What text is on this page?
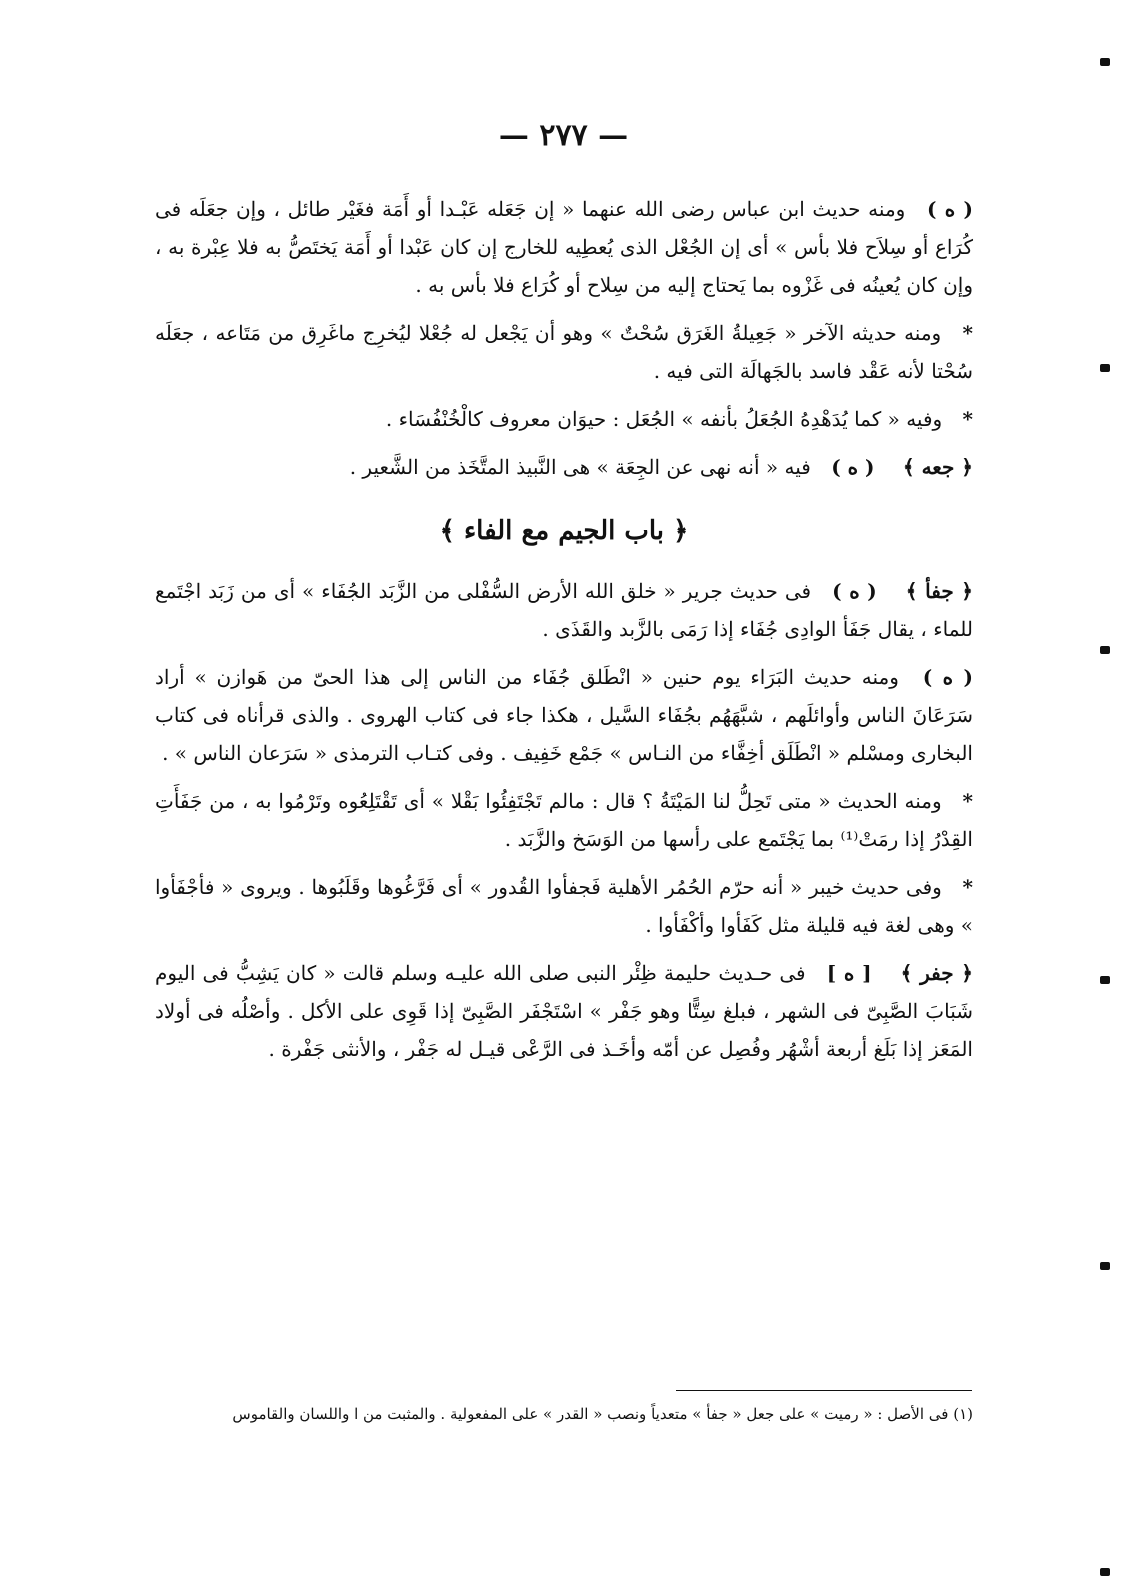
— ٢٧٧ —

( ه ) ومنه حديث ابن عباس رضى الله عنهما « إن جَعَله عَبْـدا أو أَمَة فغَيْر طائل ، وإن جعَلَه فى كُرَاع أو سِلاَح فلا بأس » أى إن الجُعْل الذى يُعطِيه للخارج إن كان عَبْدا أو أَمَة يَختَصُّ به فلا عِبْرة به ، وإن كان يُعينُه فى غَزْوه بما يَحتاج إليه من سِلاح أو كُرَاع فلا بأس به .

* ومنه حديثه الآخر « جَعِيلةُ الغَرَق سُحْتٌ » وهو أن يَجْعل له جُعْلا ليُخرِج ماغَرِق من مَتَاعه ، جعَلَه سُحْتا لأنه عَقْد فاسد بالجَهالَة التى فيه .

* وفيه « كما يُدَهْدِهُ الجُعَلُ بأنفه » الجُعَل : حيوَان معروف كالْخُنْفُسَاء .

﴿ جعه ﴾ ( ه ) فيه « أنه نهى عن الجِعَة » هى النَّبيذ المتَّخَذ من الشَّعير .

﴿ باب الجيم مع الفاء ﴾

﴿ جفأ ﴾ ( ه ) فى حديث جرير « خلق الله الأرض السُّفْلى من الزَّبَد الجُفَاء » أى من زَبَد اجْتَمع للماء ، يقال جَفَأ الوادِى جُفَاء إذا رَمَى بالزَّبد والقَذَى .

( ه ) ومنه حديث البَرَاء يوم حنين « انْطَلق جُفَاء من الناس إلى هذا الحىّ من هَوازن » أراد سَرَعَانَ الناس وأوائلَهم ، شبَّهَهُم بجُفَاء السَّيل ، هكذا جاء فى كتاب الهروى . والذى قرأناه فى كتاب البخارى ومسْلم « انْطَلَق أخِفَّاء من النـاس » جَمْع خَفِيف . وفى كتـاب الترمذى « سَرَعان الناس » .

* ومنه الحديث « متى تَحِلُّ لنا المَيْتَةُ ؟ قال : مالم تَجْتَفِئُوا بَقْلا » أى تَقْتَلِعُوه وتَرْمُوا به ، من جَفَأَتِ القِدْرُ إذا رمَتْ⁽¹⁾ بما يَجْتَمع على رأسها من الوَسَخ والزَّبَد .

* وفى حديث خيبر « أنه حرّم الحُمُر الأهلية فَجفأوا القُدور » أى فَرَّغُوها وقَلَبُوها . ويروى « فأجْفَأوا » وهى لغة فيه قليلة مثل كَفَأوا وأكْفَأوا .

﴿ جفر ﴾ [ ه ] فى حـديث حليمة ظِئْر النبى صلى الله عليـه وسلم قالت « كان يَشِبُّ فى اليوم شَبَابَ الصَّبِىّ فى الشهر ، فبلغ سِتًّا وهو جَفْر » اسْتَجْفَر الصَّبِىّ إذا قَوِى على الأكل . وأصْلُه فى أولاد المَعَز إذا بَلَغ أربعة أشْهُر وفُصِل عن أمّه وأخَـذ فى الرَّعْى قيـل له جَفْر ، والأنثى جَفْرة .

(١) فى الأصل : « رميت » على جعل « جفأ » متعدياً ونصب « القدر » على المفعولية . والمثبت من ا واللسان والقاموس
